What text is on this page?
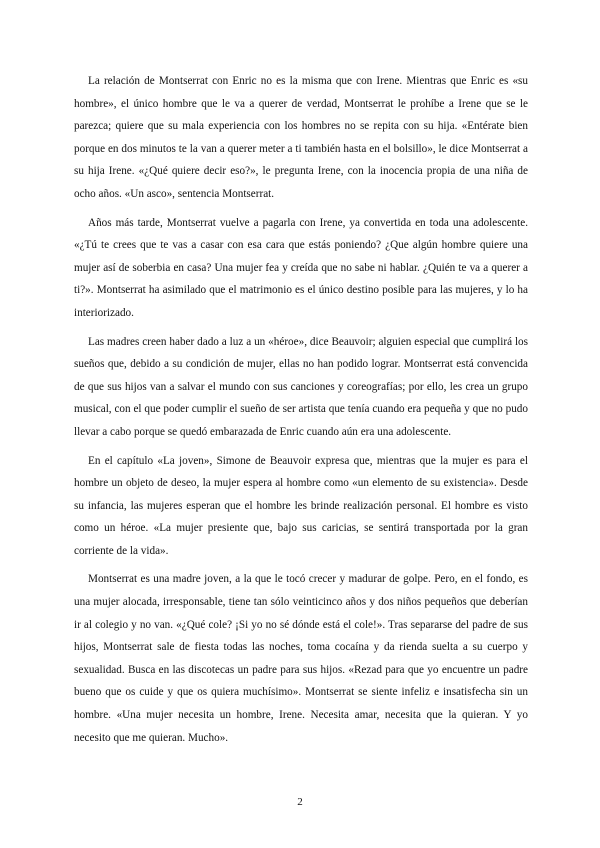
La relación de Montserrat con Enric no es la misma que con Irene. Mientras que Enric es «su hombre», el único hombre que le va a querer de verdad, Montserrat le prohíbe a Irene que se le parezca; quiere que su mala experiencia con los hombres no se repita con su hija. «Entérate bien porque en dos minutos te la van a querer meter a ti también hasta en el bolsillo», le dice Montserrat a su hija Irene. «¿Qué quiere decir eso?», le pregunta Irene, con la inocencia propia de una niña de ocho años. «Un asco», sentencia Montserrat.

Años más tarde, Montserrat vuelve a pagarla con Irene, ya convertida en toda una adolescente. «¿Tú te crees que te vas a casar con esa cara que estás poniendo? ¿Que algún hombre quiere una mujer así de soberbia en casa? Una mujer fea y creída que no sabe ni hablar. ¿Quién te va a querer a ti?». Montserrat ha asimilado que el matrimonio es el único destino posible para las mujeres, y lo ha interiorizado.

Las madres creen haber dado a luz a un «héroe», dice Beauvoir; alguien especial que cumplirá los sueños que, debido a su condición de mujer, ellas no han podido lograr. Montserrat está convencida de que sus hijos van a salvar el mundo con sus canciones y coreografías; por ello, les crea un grupo musical, con el que poder cumplir el sueño de ser artista que tenía cuando era pequeña y que no pudo llevar a cabo porque se quedó embarazada de Enric cuando aún era una adolescente.

En el capítulo «La joven», Simone de Beauvoir expresa que, mientras que la mujer es para el hombre un objeto de deseo, la mujer espera al hombre como «un elemento de su existencia». Desde su infancia, las mujeres esperan que el hombre les brinde realización personal. El hombre es visto como un héroe. «La mujer presiente que, bajo sus caricias, se sentirá transportada por la gran corriente de la vida».

Montserrat es una madre joven, a la que le tocó crecer y madurar de golpe. Pero, en el fondo, es una mujer alocada, irresponsable, tiene tan sólo veinticinco años y dos niños pequeños que deberían ir al colegio y no van. «¿Qué cole? ¡Si yo no sé dónde está el cole!». Tras separarse del padre de sus hijos, Montserrat sale de fiesta todas las noches, toma cocaína y da rienda suelta a su cuerpo y sexualidad. Busca en las discotecas un padre para sus hijos. «Rezad para que yo encuentre un padre bueno que os cuide y que os quiera muchísimo». Montserrat se siente infeliz e insatisfecha sin un hombre. «Una mujer necesita un hombre, Irene. Necesita amar, necesita que la quieran. Y yo necesito que me quieran. Mucho».

2
